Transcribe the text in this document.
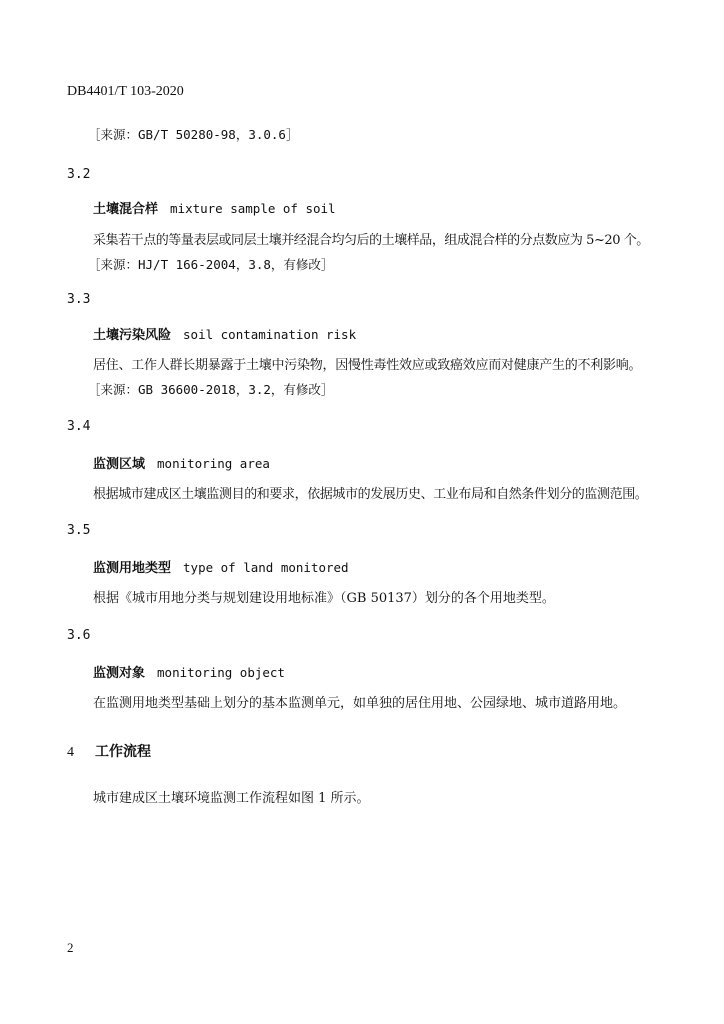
DB4401/T 103-2020
［来源：GB/T 50280-98，3.0.6］
3.2
土壤混合样 mixture sample of soil
采集若干点的等量表层或同层土壤并经混合均匀后的土壤样品，组成混合样的分点数应为 5~20 个。
［来源：HJ/T 166-2004，3.8，有修改］
3.3
土壤污染风险 soil contamination risk
居住、工作人群长期暴露于土壤中污染物，因慢性毒性效应或致癌效应而对健康产生的不利影响。
［来源：GB 36600-2018，3.2，有修改］
3.4
监测区域 monitoring area
根据城市建成区土壤监测目的和要求，依据城市的发展历史、工业布局和自然条件划分的监测范围。
3.5
监测用地类型 type of land monitored
根据《城市用地分类与规划建设用地标准》（GB 50137）划分的各个用地类型。
3.6
监测对象 monitoring object
在监测用地类型基础上划分的基本监测单元，如单独的居住用地、公园绿地、城市道路用地。
4 工作流程
城市建成区土壤环境监测工作流程如图 1 所示。
2
